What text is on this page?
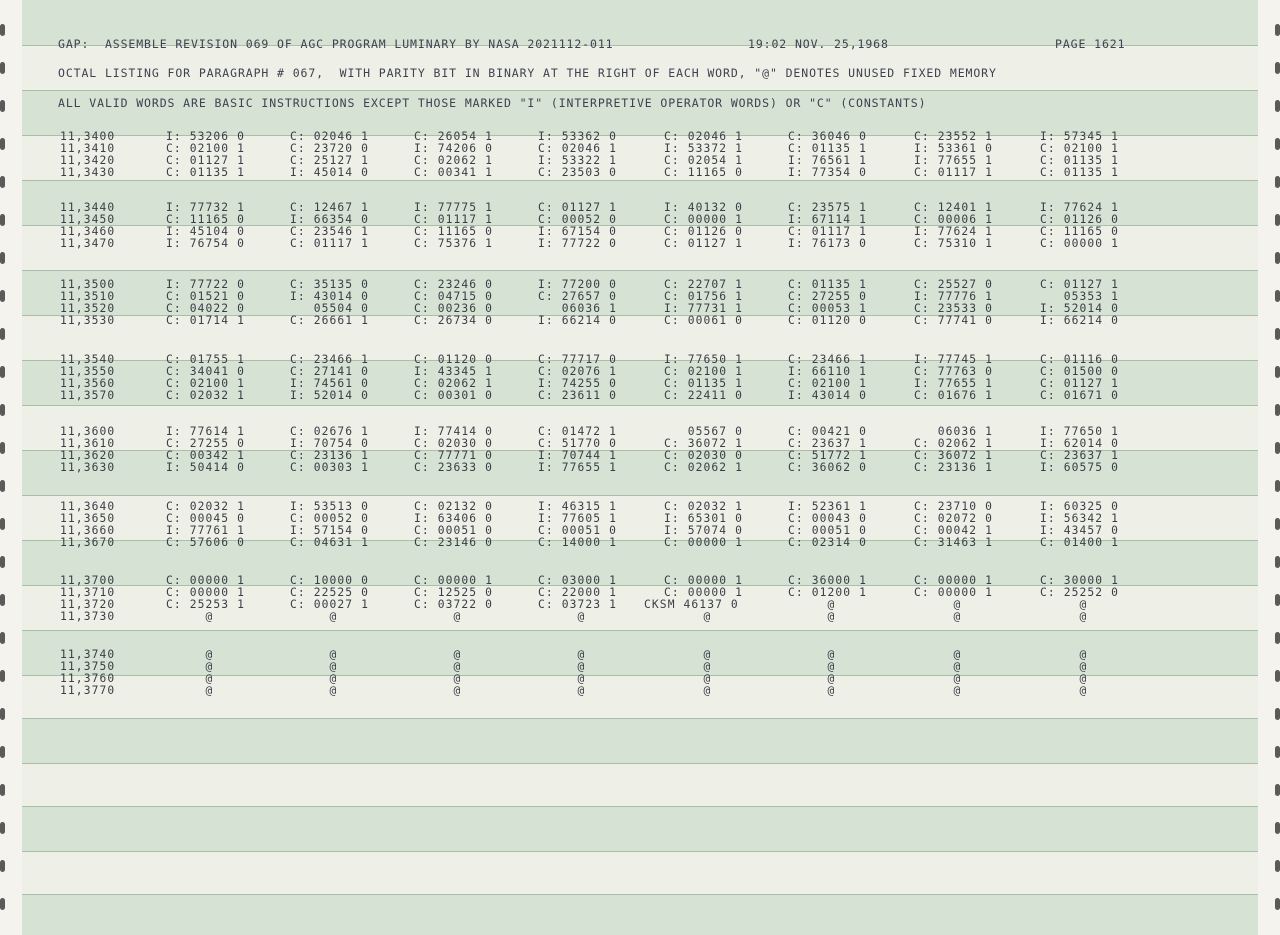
GAP:  ASSEMBLE REVISION 069 OF AGC PROGRAM LUMINARY BY NASA 2021112-011	19:02 NOV. 25,1968	PAGE 1621
OCTAL LISTING FOR PARAGRAPH # 067,  WITH PARITY BIT IN BINARY AT THE RIGHT OF EACH WORD, "@" DENOTES UNUSED FIXED MEMORY
ALL VALID WORDS ARE BASIC INSTRUCTIONS EXCEPT THOSE MARKED "I" (INTERPRETIVE OPERATOR WORDS) OR "C" (CONSTANTS)
11,3400	I: 53206 0	C: 02046 1	C: 26054 1	I: 53362 0	C: 02046 1	C: 36046 0	C: 23552 1	I: 57345 1
11,3410	C: 02100 1	C: 23720 0	I: 74206 0	C: 02046 1	I: 53372 1	C: 01135 1	I: 53361 0	C: 02100 1
11,3420	C: 01127 1	C: 25127 1	C: 02062 1	I: 53322 1	C: 02054 1	I: 76561 1	I: 77655 1	C: 01135 1
11,3430	C: 01135 1	I: 45014 0	C: 00341 1	C: 23503 0	C: 11165 0	I: 77354 0	C: 01117 1	C: 01135 1
11,3440	I: 77732 1	C: 12467 1	I: 77775 1	C: 01127 1	I: 40132 0	C: 23575 1	C: 12401 1	I: 77624 1
11,3450	C: 11165 0	I: 66354 0	C: 01117 1	C: 00052 0	C: 00000 1	I: 67114 1	C: 00006 1	C: 01126 0
11,3460	I: 45104 0	C: 23546 1	C: 11165 0	I: 67154 0	C: 01126 0	C: 01117 1	I: 77624 1	C: 11165 0
11,3470	I: 76754 0	C: 01117 1	C: 75376 1	I: 77722 0	C: 01127 1	I: 76173 0	C: 75310 1	C: 00000 1
11,3500	I: 77722 0	C: 35135 0	C: 23246 0	I: 77200 0	C: 22707 1	C: 01135 1	C: 25527 0	C: 01127 1
11,3510	C: 01521 0	I: 43014 0	C: 04715 0	C: 27657 0	C: 01756 1	C: 27255 0	I: 77776 1	05353 1
11,3520	C: 04022 0	05504 0	C: 00236 0	06036 1	I: 77731 1	C: 00053 1	C: 23533 0	I: 52014 0
11,3530	C: 01714 1	C: 26661 1	C: 26734 0	I: 66214 0	C: 00061 0	C: 01120 0	C: 77741 0	I: 66214 0
11,3540	C: 01755 1	C: 23466 1	C: 01120 0	C: 77717 0	I: 77650 1	C: 23466 1	I: 77745 1	C: 01116 0
11,3550	C: 34041 0	C: 27141 0	I: 43345 1	C: 02076 1	C: 02100 1	I: 66110 1	C: 77763 0	C: 01500 0
11,3560	C: 02100 1	I: 74561 0	C: 02062 1	I: 74255 0	C: 01135 1	C: 02100 1	I: 77655 1	C: 01127 1
11,3570	C: 02032 1	I: 52014 0	C: 00301 0	C: 23611 0	C: 22411 0	I: 43014 0	C: 01676 1	C: 01671 0
11,3600	I: 77614 1	C: 02676 1	I: 77414 0	C: 01472 1	05567 0	C: 00421 0	06036 1	I: 77650 1
11,3610	C: 27255 0	I: 70754 0	C: 02030 0	C: 51770 0	C: 36072 1	C: 23637 1	C: 02062 1	I: 62014 0
11,3620	C: 00342 1	C: 23136 1	C: 77771 0	I: 70744 1	C: 02030 0	C: 51772 1	C: 36072 1	C: 23637 1
11,3630	I: 50414 0	C: 00303 1	C: 23633 0	I: 77655 1	C: 02062 1	C: 36062 0	C: 23136 1	I: 60575 0
11,3640	C: 02032 1	I: 53513 0	C: 02132 0	I: 46315 1	C: 02032 1	I: 52361 1	C: 23710 0	I: 60325 0
11,3650	C: 00045 0	C: 00052 0	I: 63406 0	I: 77605 1	I: 65301 0	C: 00043 0	C: 02072 0	I: 56342 1
11,3660	I: 77761 1	I: 57154 0	C: 00051 0	C: 00051 0	I: 57074 0	C: 00051 0	C: 00042 1	I: 43457 0
11,3670	C: 57606 0	C: 04631 1	C: 23146 0	C: 14000 1	C: 00000 1	C: 02314 0	C: 31463 1	C: 01400 1
11,3700	C: 00000 1	C: 10000 0	C: 00000 1	C: 03000 1	C: 00000 1	C: 36000 1	C: 00000 1	C: 30000 1
11,3710	C: 00000 1	C: 22525 0	C: 12525 0	C: 22000 1	C: 00000 1	C: 01200 1	C: 00000 1	C: 25252 0
11,3720	C: 25253 1	C: 00027 1	C: 03722 0	C: 03723 1 CKSM 46137 0	@	@	@
11,3730	@	@	@	@	@	@	@	@
11,3740	@	@	@	@	@	@	@	@
11,3750	@	@	@	@	@	@	@	@
11,3760	@	@	@	@	@	@	@	@
11,3770	@	@	@	@	@	@	@	@
